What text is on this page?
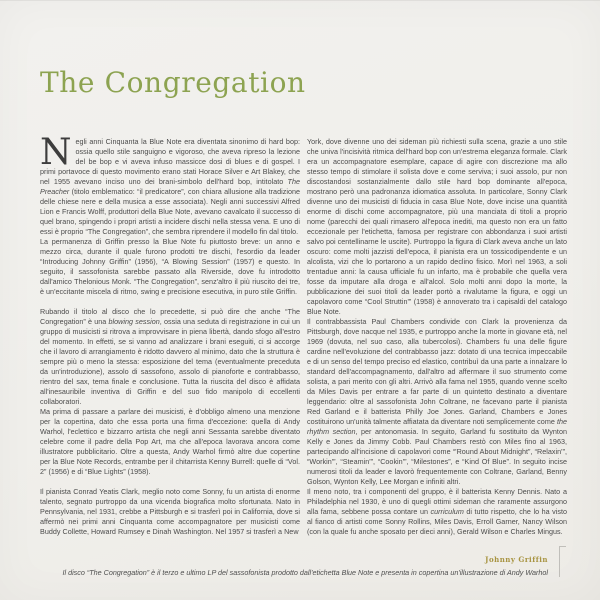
The Congregation

Negli anni Cinquanta la Blue Note era diventata sinonimo di hard bop: ossia quello stile sanguigno e vigoroso, che aveva ripreso la lezione del be bop e vi aveva infuso massicce dosi di blues e di gospel. I primi portavoce di questo movimento erano stati Horace Silver e Art Blakey, che nel 1955 avevano inciso uno dei brani-simbolo dell'hard bop, intitolato The Preacher (titolo emblematico: “il predicatore”, con chiara allusione alla tradizione delle chiese nere e della musica a esse associata). Negli anni successivi Alfred Lion e Francis Wolff, produttori della Blue Note, avevano cavalcato il successo di quel brano, spingendo i propri artisti a incidere dischi nella stessa vena. E uno di essi è proprio “The Congregation”, che sembra riprendere il modello fin dal titolo.

La permanenza di Griffin presso la Blue Note fu piuttosto breve: un anno e mezzo circa, durante il quale furono prodotti tre dischi, l'esordio da leader “Introducing Johnny Griffin” (1956), “A Blowing Session” (1957) e questo. In seguito, il sassofonista sarebbe passato alla Riverside, dove fu introdotto dall'amico Thelonious Monk. “The Congregation”, senz'altro il più riuscito dei tre, è un'eccitante miscela di ritmo, swing e precisione esecutiva, in puro stile Griffin.

Rubando il titolo al disco che lo precedette, si può dire che anche “The Congregation” è una blowing session, ossia una seduta di registrazione in cui un gruppo di musicisti si ritrova a improvvisare in piena libertà, dando sfogo all'estro del momento. In effetti, se si vanno ad analizzare i brani eseguiti, ci si accorge che il lavoro di arrangiamento è ridotto davvero al minimo, dato che la struttura è sempre più o meno la stessa: esposizione del tema (eventualmente preceduta da un'introduzione), assolo di sassofono, assolo di pianoforte e contrabbasso, rientro del sax, tema finale e conclusione. Tutta la riuscita del disco è affidata all'inesauribile inventiva di Griffin e del suo fido manipolo di eccellenti collaboratori.

Ma prima di passare a parlare dei musicisti, è d'obbligo almeno una menzione per la copertina, dato che essa porta una firma d'eccezione: quella di Andy Warhol, l'eclettico e bizzarro artista che negli anni Sessanta sarebbe diventato celebre come il padre della Pop Art, ma che all'epoca lavorava ancora come illustratore pubblicitario. Oltre a questa, Andy Warhol firmò altre due copertine per la Blue Note Records, entrambe per il chitarrista Kenny Burrell: quelle di “Vol. 2” (1956) e di “Blue Lights” (1958).

Il pianista Conrad Yeatis Clark, meglio noto come Sonny, fu un artista di enorme talento, segnato purtroppo da una vicenda biografica molto sfortunata. Nato in Pennsylvania, nel 1931, crebbe a Pittsburgh e si trasferì poi in California, dove si affermò nei primi anni Cinquanta come accompagnatore per musicisti come Buddy Collette, Howard Rumsey e Dinah Washington. Nel 1957 si trasferì a New

York, dove divenne uno dei sideman più richiesti sulla scena, grazie a uno stile che univa l'incisività ritmica dell'hard bop con un'estrema eleganza formale. Clark era un accompagnatore esemplare, capace di agire con discrezione ma allo stesso tempo di stimolare il solista dove e come serviva; i suoi assolo, pur non discostandosi sostanzialmente dallo stile hard bop dominante all'epoca, mostrano però una padronanza idiomatica assoluta. In particolare, Sonny Clark divenne uno dei musicisti di fiducia in casa Blue Note, dove incise una quantità enorme di dischi come accompagnatore, più una manciata di titoli a proprio nome (parecchi dei quali rimasero all'epoca inediti, ma questo non era un fatto eccezionale per l'etichetta, famosa per registrare con abbondanza i suoi artisti salvo poi centellinarne le uscite). Purtroppo la figura di Clark aveva anche un lato oscuro: come molti jazzisti dell'epoca, il pianista era un tossicodipendente e un alcolista, vizi che lo portarono a un rapido declino fisico. Morì nel 1963, a soli trentadue anni: la causa ufficiale fu un infarto, ma è probabile che quella vera fosse da imputare alla droga e all'alcol. Solo molti anni dopo la morte, la pubblicazione dei suoi titoli da leader portò a rivalutarne la figura, e oggi un capolavoro come “Cool Struttin'” (1958) è annoverato tra i capisaldi del catalogo Blue Note.

Il contrabbassista Paul Chambers condivide con Clark la provenienza da Pittsburgh, dove nacque nel 1935, e purtroppo anche la morte in giovane età, nel 1969 (dovuta, nel suo caso, alla tubercolosi). Chambers fu una delle figure cardine nell'evoluzione del contrabbasso jazz: dotato di una tecnica impeccabile e di un senso del tempo preciso ed elastico, contribuì da una parte a innalzare lo standard dell'accompagnamento, dall'altro ad affermare il suo strumento come solista, a pari merito con gli altri. Arrivò alla fama nel 1955, quando venne scelto da Miles Davis per entrare a far parte di un quintetto destinato a diventare leggendario: oltre al sassofonista John Coltrane, ne facevano parte il pianista Red Garland e il batterista Philly Joe Jones. Garland, Chambers e Jones costituirono un'unità talmente affiatata da diventare noti semplicemente come the rhythm section, per antonomasia. In seguito, Garland fu sostituito da Wynton Kelly e Jones da Jimmy Cobb. Paul Chambers restò con Miles fino al 1963, partecipando all'incisione di capolavori come “'Round About Midnight”, “Relaxin'”, “Workin'”, “Steamin'”, “Cookin'”, “Milestones”, e “Kind Of Blue”. In seguito incise numerosi titoli da leader e lavorò frequentemente con Coltrane, Garland, Benny Golson, Wynton Kelly, Lee Morgan e infiniti altri.

Il meno noto, tra i componenti del gruppo, è il batterista Kenny Dennis. Nato a Philadelphia nel 1930, è uno di quegli ottimi sideman che raramente assurgono alla fama, sebbene possa contare un curriculum di tutto rispetto, che lo ha visto al fianco di artisti come Sonny Rollins, Miles Davis, Erroll Garner, Nancy Wilson (con la quale fu anche sposato per dieci anni), Gerald Wilson e Charles Mingus.

Johnny Griffin
Il disco “The Congregation” è il terzo e ultimo LP del sassofonista prodotto dall'etichetta Blue Note e presenta in copertina un'illustrazione di Andy Warhol
